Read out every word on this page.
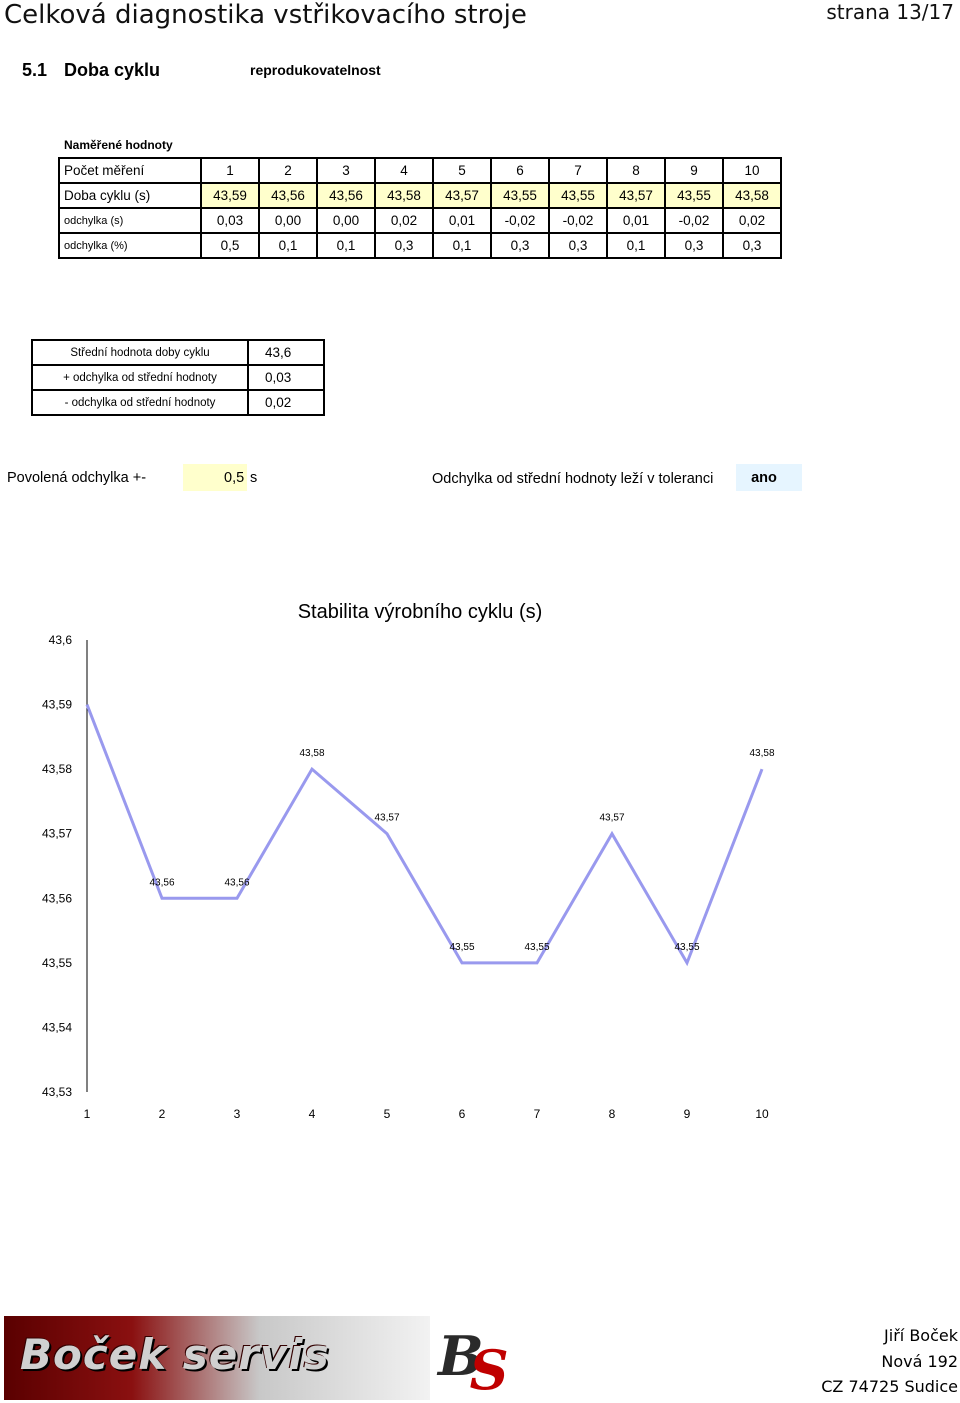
Celková diagnostika vstřikovacího stroje	strana 13/17
5.1 Doba cyklu	reprodukovatelnost
Naměřené hodnoty
Počet měření	1	2	3	4	5	6	7	8	9	10
Doba cyklu (s)	43,59	43,56	43,56	43,58	43,57	43,55	43,55	43,57	43,55	43,58
odchylka (s)	0,03	0,00	0,00	0,02	0,01	-0,02	-0,02	0,01	-0,02	0,02
odchylka (%)	0,5	0,1	0,1	0,3	0,1	0,3	0,3	0,1	0,3	0,3
Střední hodnota doby cyklu	43,6
+ odchylka od střední hodnoty	0,03
- odchylka od střední hodnoty	0,02
Povolená odchylka +-	0,5 s	Odchylka od střední hodnoty leží v toleranci	ano
Stabilita výrobního cyklu (s)
43,6
43,59
43,58
43,57
43,56
43,55
43,54
43,53
1	2	3	4	5	6	7	8	9	10
43,56	43,56
43,58
43,57
43,55	43,55
43,57
43,55
43,58
Boček servis BS
Jiří Boček
Nová 192
CZ 74725 Sudice
